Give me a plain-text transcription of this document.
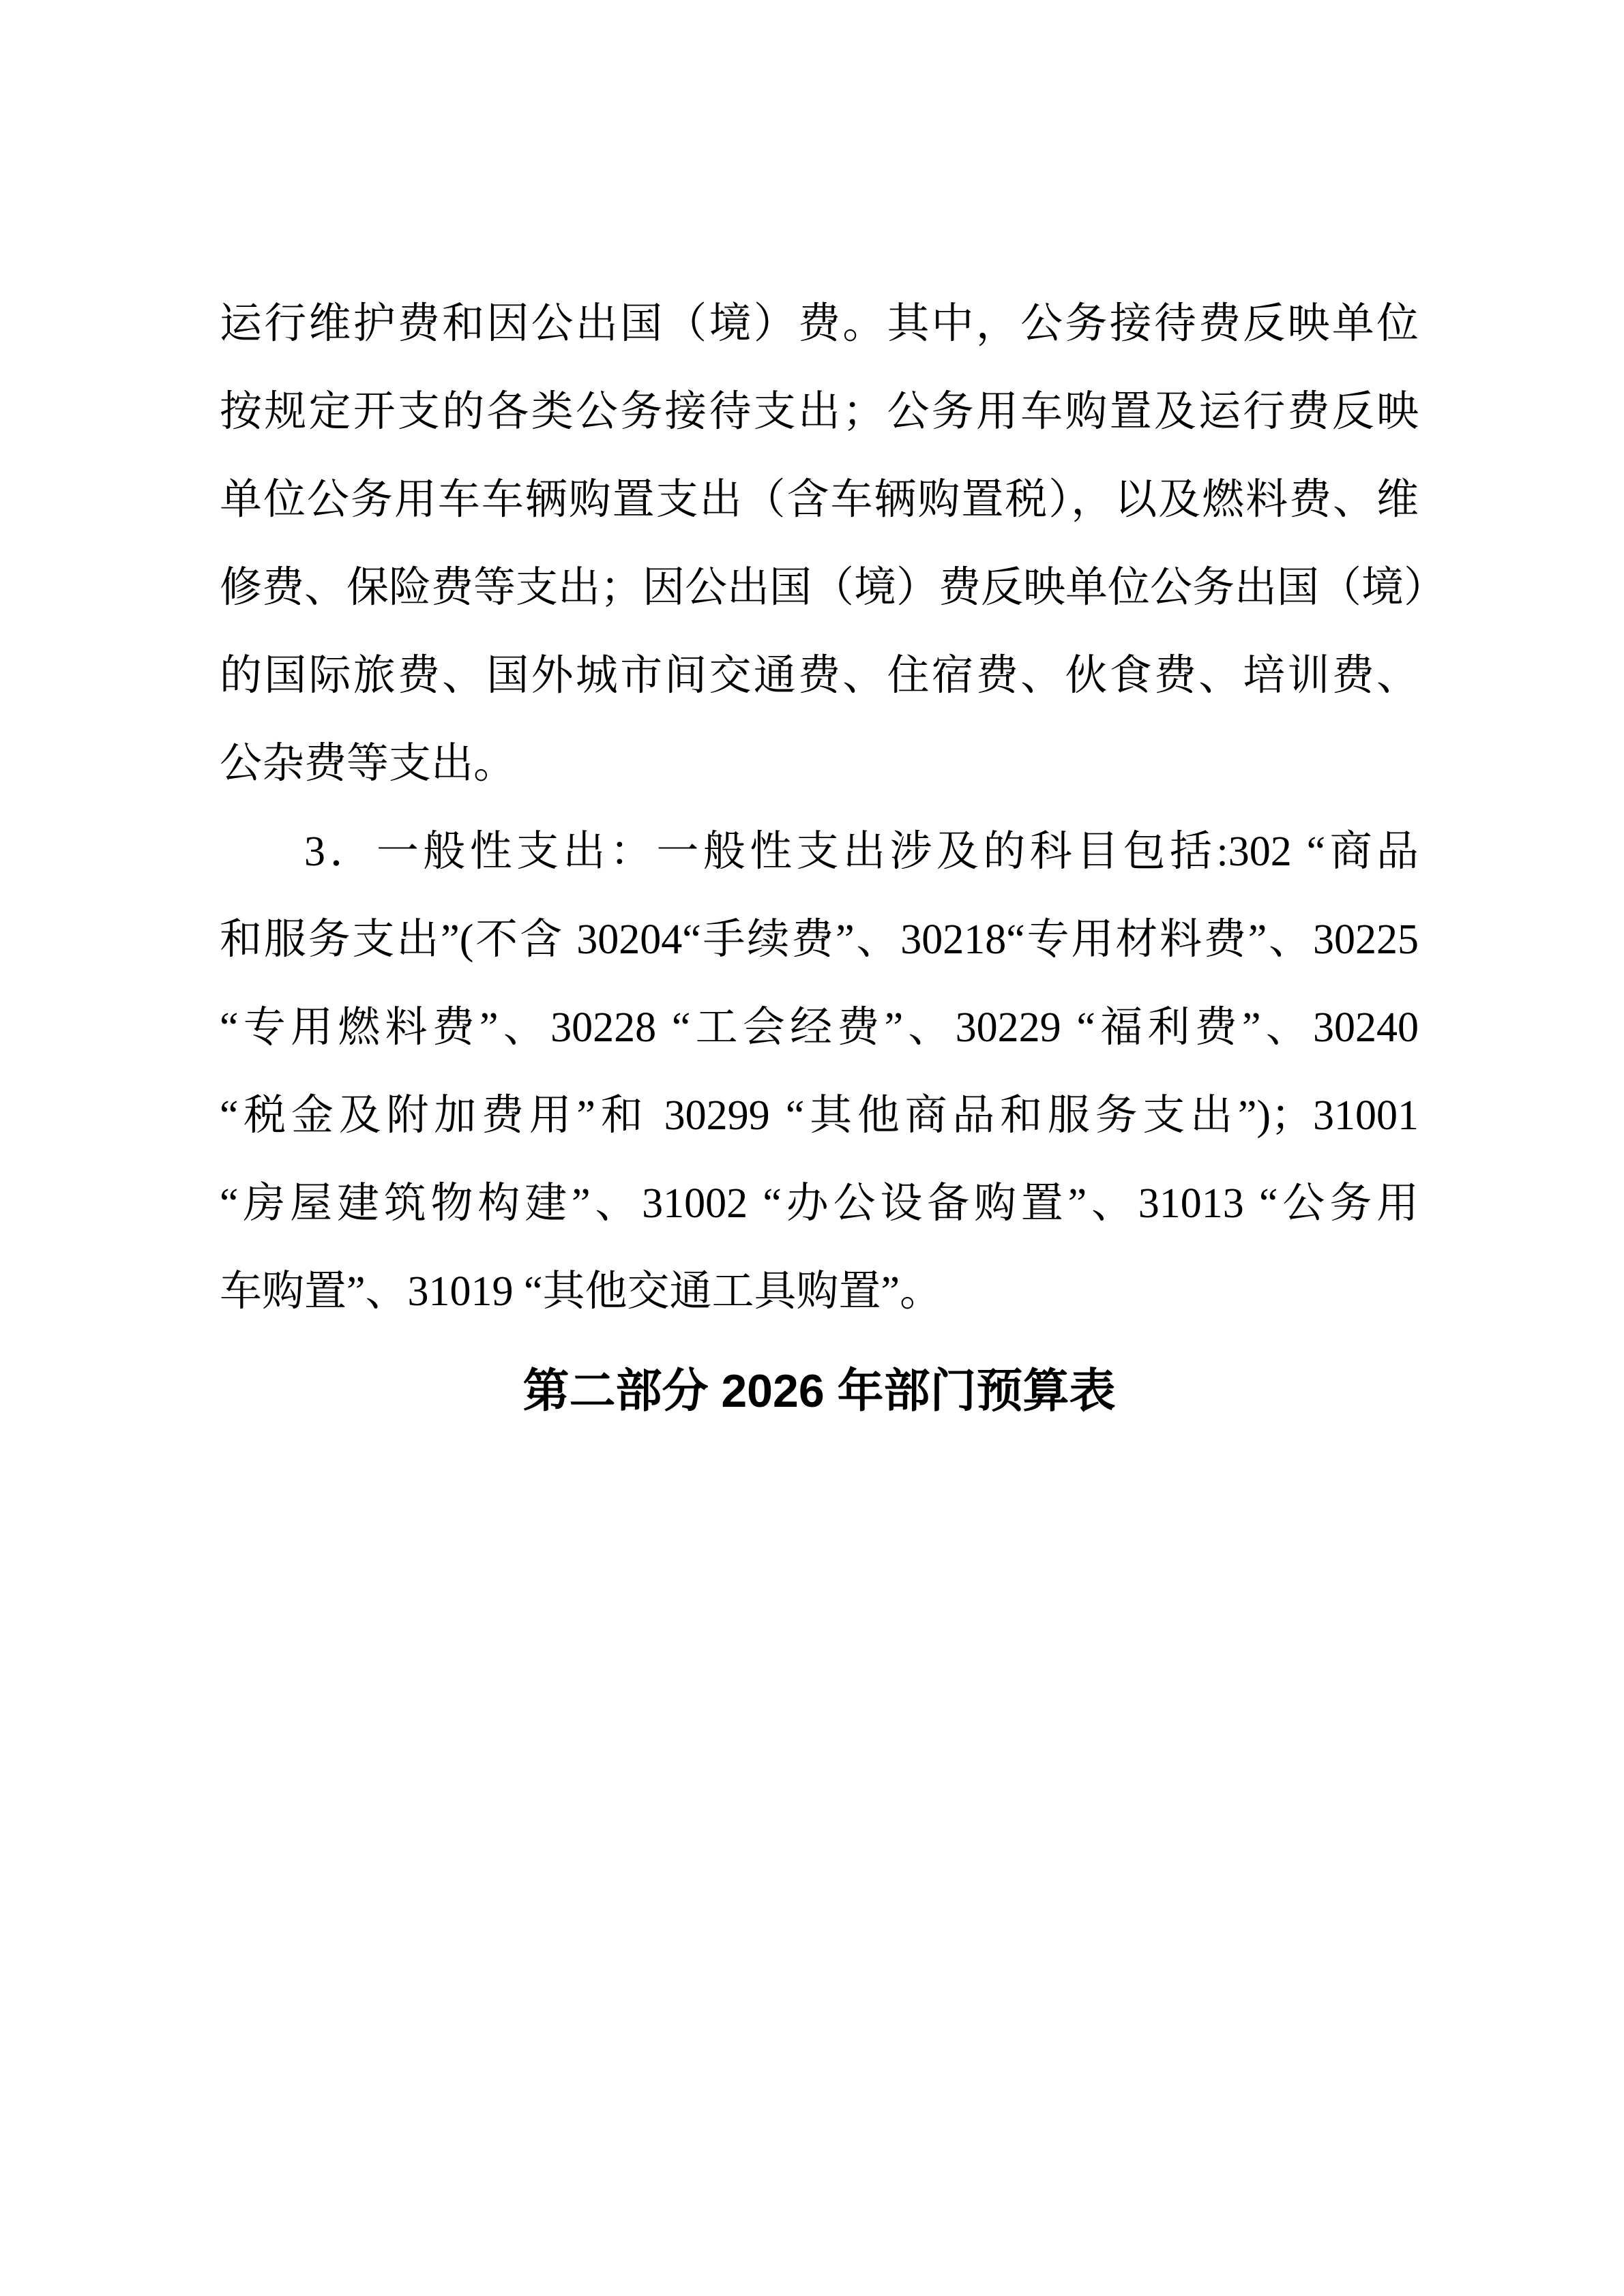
运行维护费和因公出国（境）费。其中，公务接待费反映单位
按规定开支的各类公务接待支出；公务用车购置及运行费反映
单位公务用车车辆购置支出（含车辆购置税），以及燃料费、维
修费、保险费等支出；因公出国（境）费反映单位公务出国（境）
的国际旅费、国外城市间交通费、住宿费、伙食费、培训费、
公杂费等支出。
3．一般性支出：一般性支出涉及的科目包括:302 “商品
和服务支出”(不含 30204“手续费”、30218“专用材料费”、30225
“专用燃料费”、30228 “工会经费”、30229 “福利费”、30240
“税金及附加费用”和 30299 “其他商品和服务支出”)；31001
“房屋建筑物构建”、31002 “办公设备购置”、31013 “公务用
车购置”、31019 “其他交通工具购置”。
第二部分 2026 年部门预算表
